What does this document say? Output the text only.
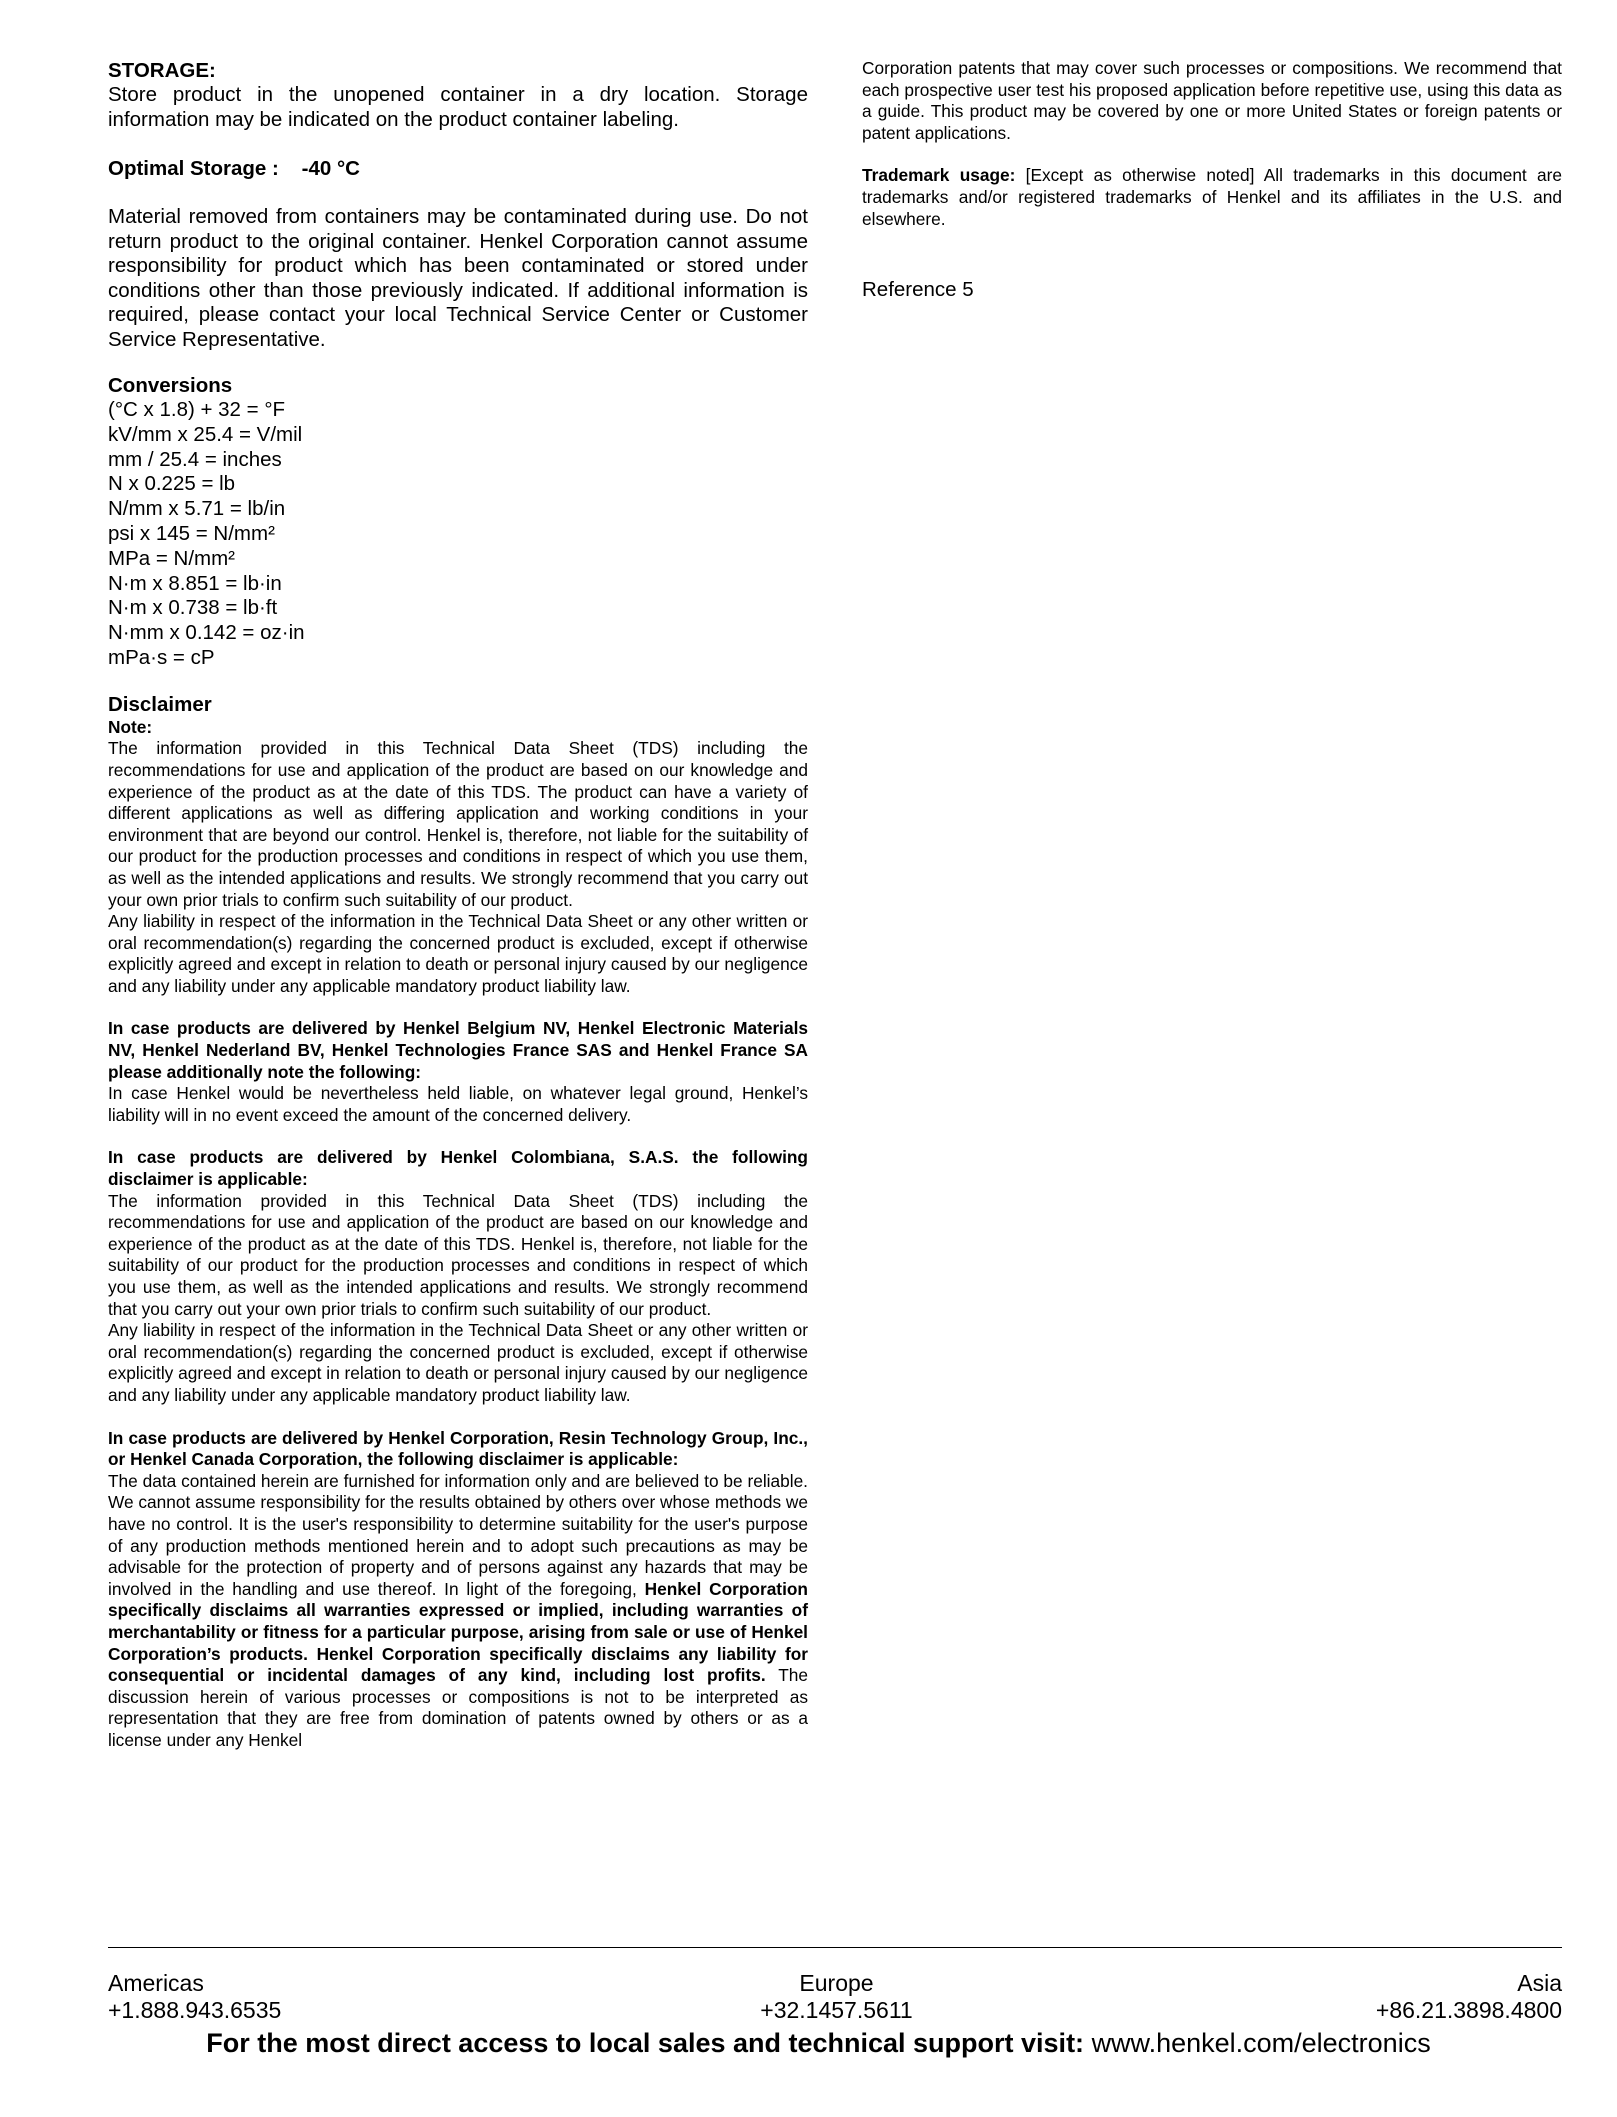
STORAGE:

Store product in the unopened container in a dry location. Storage information may be indicated on the product container labeling.

Optimal Storage : -40 °C

Material removed from containers may be contaminated during use. Do not return product to the original container. Henkel Corporation cannot assume responsibility for product which has been contaminated or stored under conditions other than those previously indicated. If additional information is required, please contact your local Technical Service Center or Customer Service Representative.

Conversions

(°C x 1.8) + 32 = °F
kV/mm x 25.4 = V/mil
mm / 25.4 = inches
N x 0.225 = lb
N/mm x 5.71 = lb/in
psi x 145 = N/mm²
MPa = N/mm²
N·m x 8.851 = lb·in
N·m x 0.738 = lb·ft
N·mm x 0.142 = oz·in
mPa·s = cP

Disclaimer

Note:

The information provided in this Technical Data Sheet (TDS) including the recommendations for use and application of the product are based on our knowledge and experience of the product as at the date of this TDS. The product can have a variety of different applications as well as differing application and working conditions in your environment that are beyond our control. Henkel is, therefore, not liable for the suitability of our product for the production processes and conditions in respect of which you use them, as well as the intended applications and results. We strongly recommend that you carry out your own prior trials to confirm such suitability of our product.

Any liability in respect of the information in the Technical Data Sheet or any other written or oral recommendation(s) regarding the concerned product is excluded, except if otherwise explicitly agreed and except in relation to death or personal injury caused by our negligence and any liability under any applicable mandatory product liability law.

In case products are delivered by Henkel Belgium NV, Henkel Electronic Materials NV, Henkel Nederland BV, Henkel Technologies France SAS and Henkel France SA please additionally note the following:

In case Henkel would be nevertheless held liable, on whatever legal ground, Henkel’s liability will in no event exceed the amount of the concerned delivery.

In case products are delivered by Henkel Colombiana, S.A.S. the following disclaimer is applicable:

The information provided in this Technical Data Sheet (TDS) including the recommendations for use and application of the product are based on our knowledge and experience of the product as at the date of this TDS. Henkel is, therefore, not liable for the suitability of our product for the production processes and conditions in respect of which you use them, as well as the intended applications and results. We strongly recommend that you carry out your own prior trials to confirm such suitability of our product.

Any liability in respect of the information in the Technical Data Sheet or any other written or oral recommendation(s) regarding the concerned product is excluded, except if otherwise explicitly agreed and except in relation to death or personal injury caused by our negligence and any liability under any applicable mandatory product liability law.

In case products are delivered by Henkel Corporation, Resin Technology Group, Inc., or Henkel Canada Corporation, the following disclaimer is applicable:

The data contained herein are furnished for information only and are believed to be reliable. We cannot assume responsibility for the results obtained by others over whose methods we have no control. It is the user's responsibility to determine suitability for the user's purpose of any production methods mentioned herein and to adopt such precautions as may be advisable for the protection of property and of persons against any hazards that may be involved in the handling and use thereof. In light of the foregoing, Henkel Corporation specifically disclaims all warranties expressed or implied, including warranties of merchantability or fitness for a particular purpose, arising from sale or use of Henkel Corporation’s products. Henkel Corporation specifically disclaims any liability for consequential or incidental damages of any kind, including lost profits. The discussion herein of various processes or compositions is not to be interpreted as representation that they are free from domination of patents owned by others or as a license under any Henkel

Corporation patents that may cover such processes or compositions. We recommend that each prospective user test his proposed application before repetitive use, using this data as a guide. This product may be covered by one or more United States or foreign patents or patent applications.

Trademark usage: [Except as otherwise noted] All trademarks in this document are trademarks and/or registered trademarks of Henkel and its affiliates in the U.S. and elsewhere.

Reference 5

Americas
+1.888.943.6535
Europe
+32.1457.5611
Asia
+86.21.3898.4800
For the most direct access to local sales and technical support visit: www.henkel.com/electronics
